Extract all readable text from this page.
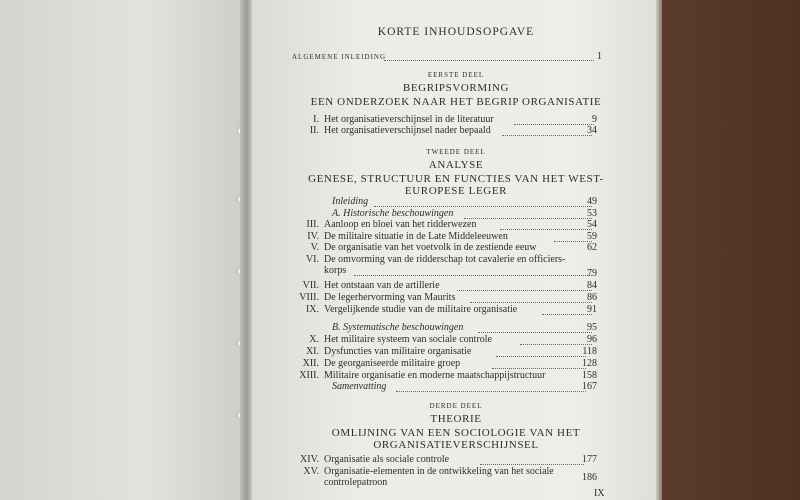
KORTE INHOUDSOPGAVE
ALGEMENE INLEIDING	1
EERSTE DEEL
BEGRIPSVORMING
EEN ONDERZOEK NAAR HET BEGRIP ORGANISATIE
I. Het organisatieverschijnsel in de literatuur	9
II. Het organisatieverschijnsel nader bepaald	34
TWEEDE DEEL
ANALYSE
GENESE, STRUCTUUR EN FUNCTIES VAN HET WEST-
EUROPESE LEGER
Inleiding	49
A. Historische beschouwingen	53
III. Aanloop en bloei van het ridderwezen	54
IV. De militaire situatie in de Late Middeleeuwen	59
V. De organisatie van het voetvolk in de zestiende eeuw	62
VI. De omvorming van de ridderschap tot cavalerie en officiers-
korps	79
VII. Het ontstaan van de artillerie	84
VIII. De legerhervorming van Maurits	86
IX. Vergelijkende studie van de militaire organisatie	91
B. Systematische beschouwingen	95
X. Het militaire systeem van sociale controle	96
XI. Dysfuncties van militaire organisatie	118
XII. De georganiseerde militaire groep	128
XIII. Militaire organisatie en moderne maatschappijstructuur	158
Samenvatting	167
DERDE DEEL
THEORIE
OMLIJNING VAN EEN SOCIOLOGIE VAN HET
ORGANISATIEVERSCHIJNSEL
XIV. Organisatie als sociale controle	177
XV. Organisatie-elementen in de ontwikkeling van het sociale
controlepatroon	186
IX
